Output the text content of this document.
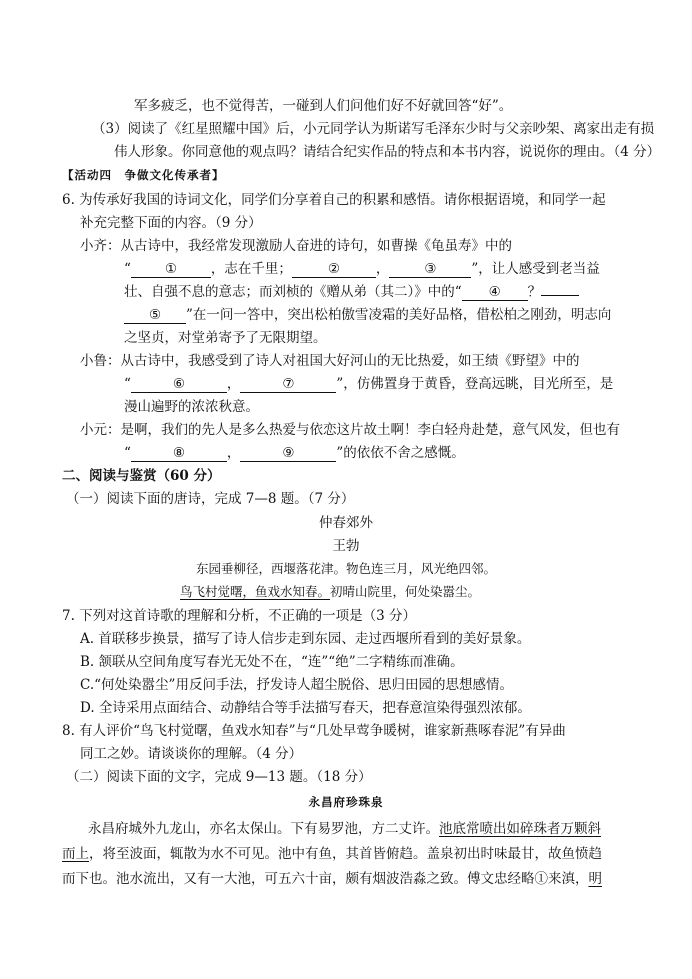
军多疲乏，也不觉得苦，一碰到人们问他们好不好就回答“好”。
（3）阅读了《红星照耀中国》后，小元同学认为斯诺写毛泽东少时与父亲吵架、离家出走有损
伟人形象。你同意他的观点吗？请结合纪实作品的特点和本书内容，说说你的理由。（4 分）
【活动四　争做文化传承者】
6. 为传承好我国的诗词文化，同学们分享着自己的积累和感悟。请你根据语境，和同学一起
补充完整下面的内容。（9 分）
小齐：从古诗中，我经常发现激励人奋进的诗句，如曹操《龟虽寿》中的
“	①	，志在千里；	②	，	③	”，让人感受到老当益
壮、自强不息的意志；而刘桢的《赠从弟（其二）》中的“ ④ ？
⑤ ”在一问一答中，突出松柏傲雪凌霜的美好品格，借松柏之刚劲，明志向
之坚贞，对堂弟寄予了无限期望。
小鲁：从古诗中，我感受到了诗人对祖国大好河山的无比热爱，如王绩《野望》中的
“	⑥	，	⑦	”，仿佛置身于黄昏，登高远眺，目光所至，是
漫山遍野的浓浓秋意。
小元：是啊，我们的先人是多么热爱与依恋这片故土啊！李白轻舟赴楚，意气风发，但也有
“	⑧	，	⑨	”的依依不舍之感慨。
二、阅读与鉴赏（60 分）
（一）阅读下面的唐诗，完成 7—8 题。（7 分）
仲春郊外
王勃
东园垂柳径，西堰落花津。物色连三月，风光绝四邻。
鸟飞村觉曙，鱼戏水知春。初晴山院里，何处染嚣尘。
7. 下列对这首诗歌的理解和分析，不正确的一项是（3 分）
A. 首联移步换景，描写了诗人信步走到东园、走过西堰所看到的美好景象。
B. 颔联从空间角度写春光无处不在，“连”“绝”二字精练而准确。
C.“何处染嚣尘”用反问手法，抒发诗人超尘脱俗、思归田园的思想感情。
D. 全诗采用点面结合、动静结合等手法描写春天，把春意渲染得强烈浓郁。
8. 有人评价“鸟飞村觉曙，鱼戏水知春”与“几处早莺争暖树，谁家新燕啄春泥”有异曲
同工之妙。请谈谈你的理解。（4 分）
（二）阅读下面的文字，完成 9—13 题。（18 分）
永昌府珍珠泉
永昌府城外九龙山，亦名太保山。下有易罗池，方二丈许。池底常喷出如碎珠者万颗斜
而上，将至波面，辄散为水不可见。池中有鱼，其首皆俯趋。盖泉初出时味最甘，故鱼愤趋
而下也。池水流出，又有一大池，可五六十亩，颇有烟波浩淼之致。傅文忠经略①来滇，明
